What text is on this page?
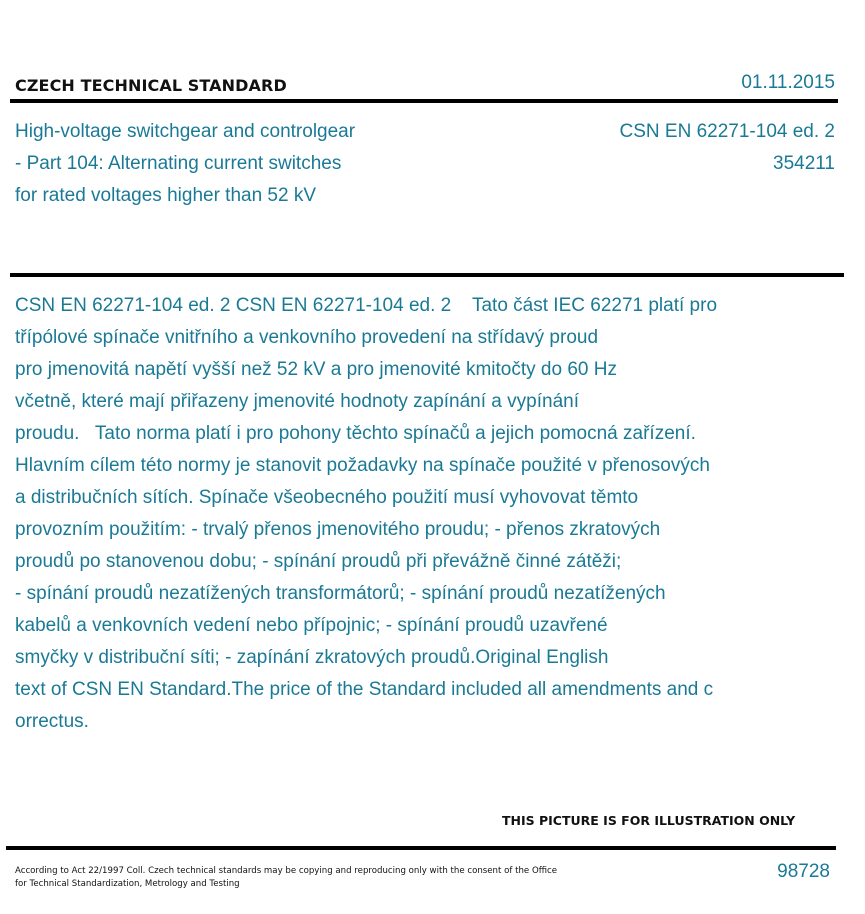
CZECH TECHNICAL STANDARD	01.11.2015
High-voltage switchgear and controlgear
- Part 104: Alternating current switches
for rated voltages higher than 52 kV
CSN EN 62271-104 ed. 2
354211
CSN EN 62271-104 ed. 2 CSN EN 62271-104 ed. 2    Tato část IEC 62271 platí pro
třípólové spínače vnitřního a venkovního provedení na střídavý proud
pro jmenovitá napětí vyšší než 52 kV a pro jmenovité kmitočty do 60 Hz
včetně, které mají přiřazeny jmenovité hodnoty zapínání a vypínání
proudu.   Tato norma platí i pro pohony těchto spínačů a jejich pomocná zařízení.
Hlavním cílem této normy je stanovit požadavky na spínače použité v přenosových
a distribučních sítích. Spínače všeobecného použití musí vyhovovat těmto
provozním použitím: - trvalý přenos jmenovitého proudu; - přenos zkratových
proudů po stanovenou dobu; - spínání proudů při převážně činné zátěži;
- spínání proudů nezatížených transformátorů; - spínání proudů nezatížených
kabelů a venkovních vedení nebo přípojnic; - spínání proudů uzavřené
smyčky v distribuční síti; - zapínání zkratových proudů.Original English
text of CSN EN Standard.The price of the Standard included all amendments and c
orrectus.
THIS PICTURE IS FOR ILLUSTRATION ONLY
According to Act 22/1997 Coll. Czech technical standards may be copying and reproducing only with the consent of the Office
for Technical Standardization, Metrology and Testing
98728
